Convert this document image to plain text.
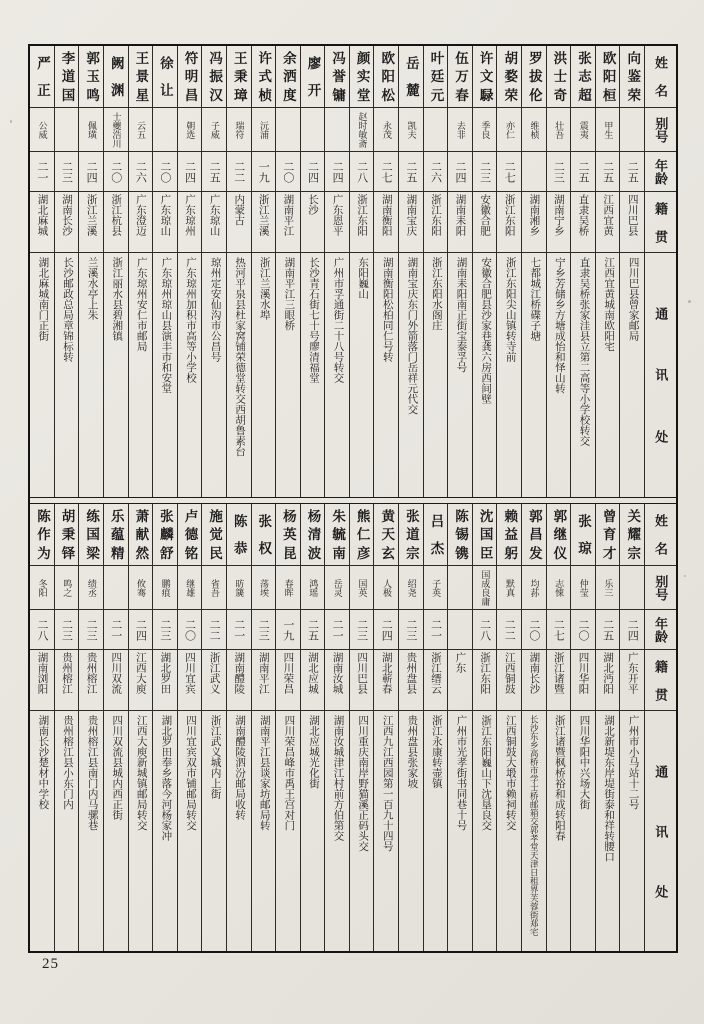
姓
名
别
号
年
龄
籍
贯
通
讯
处
向
鉴
荣
二五
四川巴县
四川巴县曾家邮局
欧
阳
桓
甲生
二五
江西宜黄
江西宜黄城南欧阳宅
张
志
超
震夷
二五
直隶吴桥
直隶吴桥张家洼县立第二高等小学校转交
洪
士
奇
壮吾
二三
湖南宁乡
宁乡芳储乡方塘成怡和怿山转
罗
拔
伦
维桢
湖南湘乡
七都城江桥碟子塘
胡
婺
荣
亦仁
二七
浙江东阳
浙江东阳尖山镇转寺前
许
文
騄
季良
二三
安徽合肥
安徽合肥县沙家巷龚六房西间壁
伍
万
春
去非
二四
湖南耒阳
湖南耒阳南正街宝泰孚号
叶
廷
元
二六
浙江东阳
浙江东阳水阁庄
岳
麓
凯夫
二五
湖南宝庆
湖南宝庆东门外箭落门岳祥元代交
欧
阳
松
永茂
二七
湖南衡阳
湖南衡阳松柏同仁号转
颜
实
堂
赵时
敏斋
二八
浙江东阳
东阳巍山
冯
誉
镛
二四
广东恩平
广州市孚通街二十八号转交
廖
开
二四
长沙
长沙青石街七十号廖清福堂
余
洒
度
二〇
湖南平江
湖南平江三眼桥
许
式
桢
沅浦
一九
浙江兰溪
浙江兰溪水埠
王
秉
璋
瑞符
二二
内蒙古
热河平泉县杜家窝铺荣德堂转交西胡鲁素台
冯
振
汉
子威
二五
广东琼山
琼州定安仙沟市公昌号
符
明
昌
朝选
二四
广东琼州
广东琼州加积市高等小学校
徐
让
二〇
广东琼山
广东琼州琼山县演丰市和安堂
王
景
星
云五
二六
广东澄迈
广东琼州安仁市邮局
阙
渊
士夔
浩川
二〇
浙江杭县
浙江丽水县碧湘镇
郭
玉
鸣
佩璜
二四
浙江兰溪
兰溪水亭上朱
李
道
国
二三
湖南长沙
长沙邮政总局章锦标转
严
正
公威
二一
湖北麻城
湖北麻城南门正街
姓
名
别
号
年
龄
籍
贯
通
讯
处
关
耀
宗
二四
广东开平
广州市小马站十二号
曾
育
才
乐三
二五
湖北沔阳
湖北新堤东岸堤街泰和祥转腰口
张
琼
仲莹
二〇
四川华阳
四川华阳中兴场大街
郭
继
仪
志悚
二七
浙江诸暨
浙江诸暨枫桥裕和成转阳春
郭
昌
发
均荪
二〇
湖南长沙
长沙东乡高桥市学士桥邮箱交郭孝堂天津
日租界芙蓉街郑宅
赖
益
躬
默真
二二
江西铜鼓
江西铜鼓大塅市赖祠转交
沈
国
臣
国成
良庸
二八
浙江东阳
浙江东阳巍山下沈垦良交
陈
锡
镌
广东
广州市光孝街书同巷十号
吕
杰
子英
二一
浙江缙云
浙江永康转壶镇
张
道
宗
绍尧
二三
贵州盘县
贵州盘县张家坡
黄
天
玄
人极
二四
湖北蕲春
江西九江西园第一百九十四号
熊
仁
彦
国英
二三
四川巴县
四川重庆南岸野猫溪正码头交
朱
毓
南
岳灵
二一
湖南汝城
湖南汝城津江村前方伯第交
杨
清
波
鸿瑶
二五
湖北应城
湖北应城光化街
杨
英
昆
春晖
一九
四川荣昌
四川荣昌峰市禹王宫对门
张
权
荡埃
二三
湖南平江
湖南平江县谈家坊邮局转
陈
恭
昉篪
二一
湖南醴陵
湖南醴陵泗汾邮局收转
施
觉
民
省吾
二二
浙江武义
浙江武义城内上街
卢
德
铭
继雄
二〇
四川宜宾
四川宜宾双市铺邮局转交
张
麟
舒
鹏痕
二三
湖北罗田
湖北罗田奉乡落今河杨家冲
萧
献
然
攸骞
二四
江西大庾
江西大庾新城镇邮局转交
乐
蕴
精
二一
四川双流
四川双流县城内西正街
练
国
梁
绩丞
二三
贵州榕江
贵州榕江县南门内马骡巷
胡
秉
铎
鸣之
二三
贵州榕江
贵州榕江县小东门内
陈
作
为
冬阳
二八
湖南浏阳
湖南长沙楚材中学校
25
